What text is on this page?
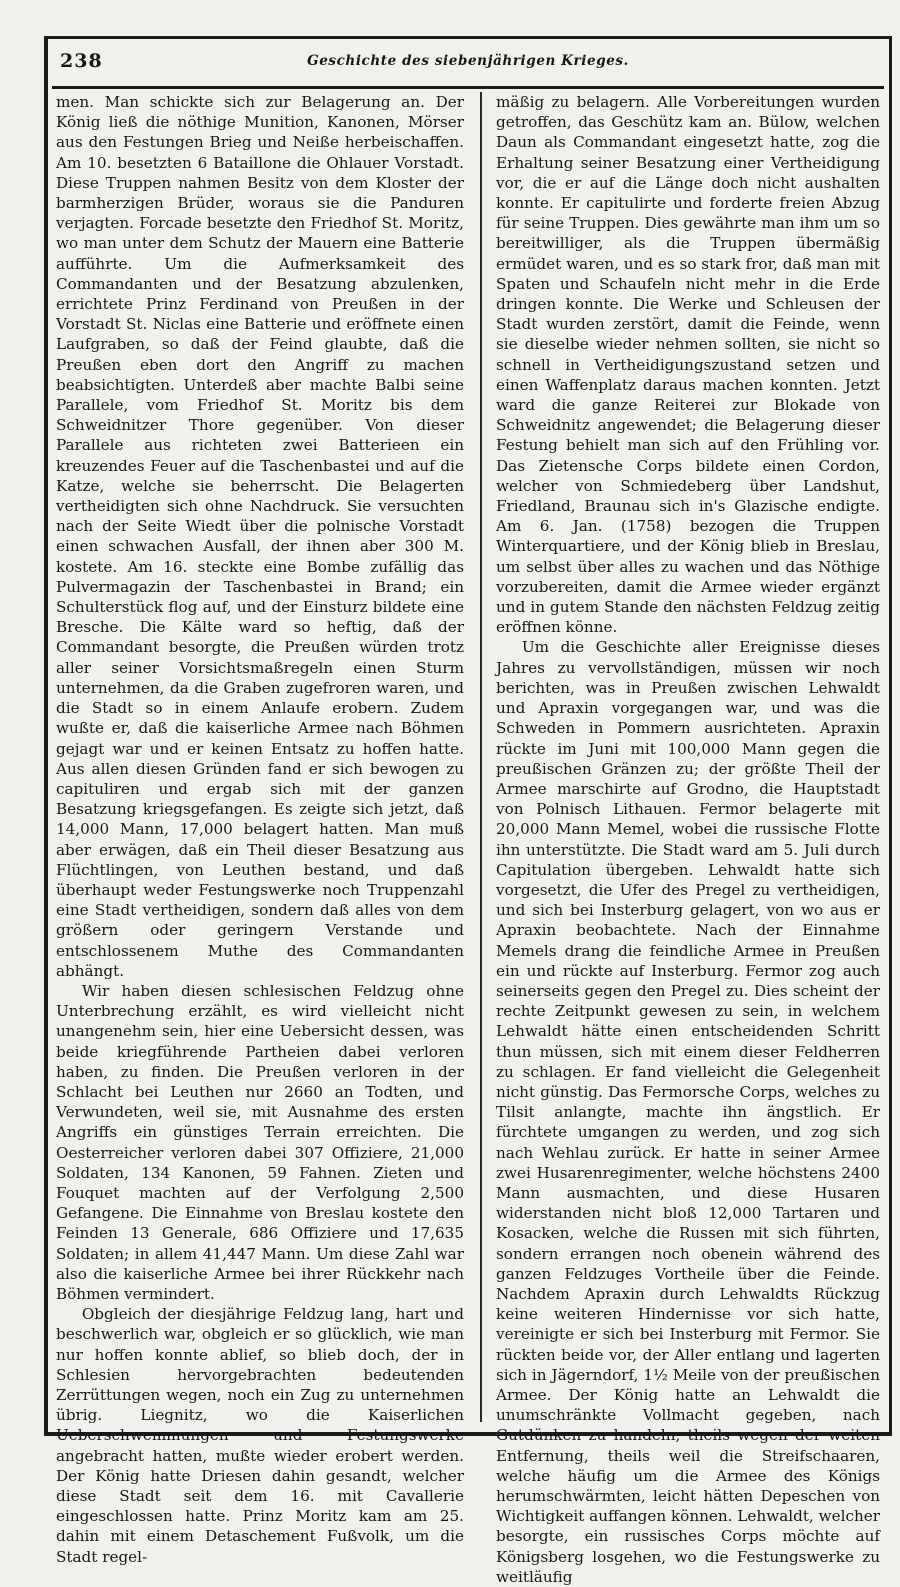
238	Geschichte des siebenjährigen Krieges.

men. Man schickte sich zur Belagerung an. Der König ließ die nöthige Munition, Kanonen, Mörser aus den Festungen Brieg und Neiße herbeischaffen. Am 10. besetzten 6 Bataillone die Ohlauer Vorstadt. Diese Truppen nahmen Besitz von dem Kloster der barmherzigen Brüder, woraus sie die Panduren verjagten. Forcade besetzte den Friedhof St. Moritz, wo man unter dem Schutz der Mauern eine Batterie aufführte. Um die Aufmerksamkeit des Commandanten und der Besatzung abzulenken, errichtete Prinz Ferdinand von Preußen in der Vorstadt St. Niclas eine Batterie und eröffnete einen Laufgraben, so daß der Feind glaubte, daß die Preußen eben dort den Angriff zu machen beabsichtigten. Unterdeß aber machte Balbi seine Parallele, vom Friedhof St. Moritz bis dem Schweidnitzer Thore gegenüber. Von dieser Parallele aus richteten zwei Batterieen ein kreuzendes Feuer auf die Taschenbastei und auf die Katze, welche sie beherrscht. Die Belagerten vertheidigten sich ohne Nachdruck. Sie versuchten nach der Seite Wiedt über die polnische Vorstadt einen schwachen Ausfall, der ihnen aber 300 M. kostete. Am 16. steckte eine Bombe zufällig das Pulvermagazin der Taschenbastei in Brand; ein Schulterstück flog auf, und der Einsturz bildete eine Bresche. Die Kälte ward so heftig, daß der Commandant besorgte, die Preußen würden trotz aller seiner Vorsichtsmaßregeln einen Sturm unternehmen, da die Graben zugefroren waren, und die Stadt so in einem Anlaufe erobern. Zudem wußte er, daß die kaiserliche Armee nach Böhmen gejagt war und er keinen Entsatz zu hoffen hatte. Aus allen diesen Gründen fand er sich bewogen zu capituliren und ergab sich mit der ganzen Besatzung kriegsgefangen. Es zeigte sich jetzt, daß 14,000 Mann, 17,000 belagert hatten. Man muß aber erwägen, daß ein Theil dieser Besatzung aus Flüchtlingen, von Leuthen bestand, und daß überhaupt weder Festungswerke noch Truppenzahl eine Stadt vertheidigen, sondern daß alles von dem größern oder geringern Verstande und entschlossenem Muthe des Commandanten abhängt.

Wir haben diesen schlesischen Feldzug ohne Unterbrechung erzählt, es wird vielleicht nicht unangenehm sein, hier eine Uebersicht dessen, was beide kriegführende Partheien dabei verloren haben, zu finden. Die Preußen verloren in der Schlacht bei Leuthen nur 2660 an Todten, und Verwundeten, weil sie, mit Ausnahme des ersten Angriffs ein günstiges Terrain erreichten. Die Oesterreicher verloren dabei 307 Offiziere, 21,000 Soldaten, 134 Kanonen, 59 Fahnen. Zieten und Fouquet machten auf der Verfolgung 2,500 Gefangene. Die Einnahme von Breslau kostete den Feinden 13 Generale, 686 Offiziere und 17,635 Soldaten; in allem 41,447 Mann. Um diese Zahl war also die kaiserliche Armee bei ihrer Rückkehr nach Böhmen vermindert.

Obgleich der diesjährige Feldzug lang, hart und beschwerlich war, obgleich er so glücklich, wie man nur hoffen konnte ablief, so blieb doch, der in Schlesien hervorgebrachten bedeutenden Zerrüttungen wegen, noch ein Zug zu unternehmen übrig. Liegnitz, wo die Kaiserlichen Ueberschwemmungen und Festungswerke angebracht hatten, mußte wieder erobert werden. Der König hatte Driesen dahin gesandt, welcher diese Stadt seit dem 16. mit Cavallerie eingeschlossen hatte. Prinz Moritz kam am 25. dahin mit einem Detaschement Fußvolk, um die Stadt regel-

mäßig zu belagern. Alle Vorbereitungen wurden getroffen, das Geschütz kam an. Bülow, welchen Daun als Commandant eingesetzt hatte, zog die Erhaltung seiner Besatzung einer Vertheidigung vor, die er auf die Länge doch nicht aushalten konnte. Er capitulirte und forderte freien Abzug für seine Truppen. Dies gewährte man ihm um so bereitwilliger, als die Truppen übermäßig ermüdet waren, und es so stark fror, daß man mit Spaten und Schaufeln nicht mehr in die Erde dringen konnte. Die Werke und Schleusen der Stadt wurden zerstört, damit die Feinde, wenn sie dieselbe wieder nehmen sollten, sie nicht so schnell in Vertheidigungszustand setzen und einen Waffenplatz daraus machen konnten. Jetzt ward die ganze Reiterei zur Blokade von Schweidnitz angewendet; die Belagerung dieser Festung behielt man sich auf den Frühling vor. Das Zietensche Corps bildete einen Cordon, welcher von Schmiedeberg über Landshut, Friedland, Braunau sich in's Glazische endigte. Am 6. Jan. (1758) bezogen die Truppen Winterquartiere, und der König blieb in Breslau, um selbst über alles zu wachen und das Nöthige vorzubereiten, damit die Armee wieder ergänzt und in gutem Stande den nächsten Feldzug zeitig eröffnen könne.

Um die Geschichte aller Ereignisse dieses Jahres zu vervollständigen, müssen wir noch berichten, was in Preußen zwischen Lehwaldt und Apraxin vorgegangen war, und was die Schweden in Pommern ausrichteten. Apraxin rückte im Juni mit 100,000 Mann gegen die preußischen Gränzen zu; der größte Theil der Armee marschirte auf Grodno, die Hauptstadt von Polnisch Lithauen. Fermor belagerte mit 20,000 Mann Memel, wobei die russische Flotte ihn unterstützte. Die Stadt ward am 5. Juli durch Capitulation übergeben. Lehwaldt hatte sich vorgesetzt, die Ufer des Pregel zu vertheidigen, und sich bei Insterburg gelagert, von wo aus er Apraxin beobachtete. Nach der Einnahme Memels drang die feindliche Armee in Preußen ein und rückte auf Insterburg. Fermor zog auch seinerseits gegen den Pregel zu. Dies scheint der rechte Zeitpunkt gewesen zu sein, in welchem Lehwaldt hätte einen entscheidenden Schritt thun müssen, sich mit einem dieser Feldherren zu schlagen. Er fand vielleicht die Gelegenheit nicht günstig. Das Fermorsche Corps, welches zu Tilsit anlangte, machte ihn ängstlich. Er fürchtete umgangen zu werden, und zog sich nach Wehlau zurück. Er hatte in seiner Armee zwei Husarenregimenter, welche höchstens 2400 Mann ausmachten, und diese Husaren widerstanden nicht bloß 12,000 Tartaren und Kosacken, welche die Russen mit sich führten, sondern errangen noch obenein während des ganzen Feldzuges Vortheile über die Feinde. Nachdem Apraxin durch Lehwaldts Rückzug keine weiteren Hindernisse vor sich hatte, vereinigte er sich bei Insterburg mit Fermor. Sie rückten beide vor, der Aller entlang und lagerten sich in Jägerndorf, 1½ Meile von der preußischen Armee. Der König hatte an Lehwaldt die unumschränkte Vollmacht gegeben, nach Gutdünken zu handeln, theils wegen der weiten Entfernung, theils weil die Streifschaaren, welche häufig um die Armee des Königs herumschwärmten, leicht hätten Depeschen von Wichtigkeit auffangen können. Lehwaldt, welcher besorgte, ein russisches Corps möchte auf Königsberg losgehen, wo die Festungswerke zu weitläufig
